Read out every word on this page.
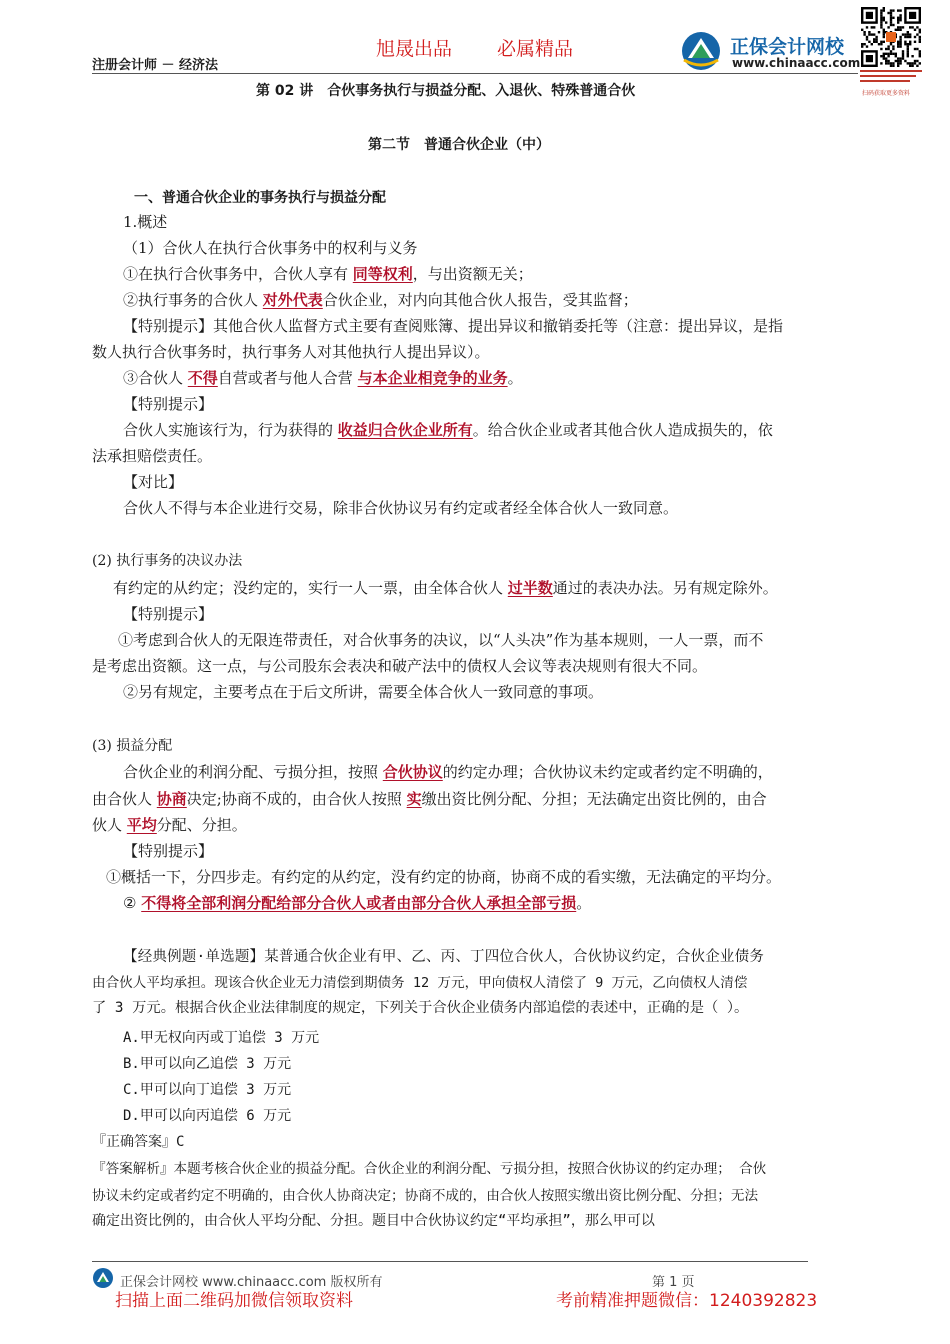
注册会计师 － 经济法
旭晟出品 必属精品	正保会计网校
www.chinaacc.com
扫码获取更多资料
第 02 讲　合伙事务执行与损益分配、入退伙、特殊普通合伙
第二节　普通合伙企业（中）
一、普通合伙企业的事务执行与损益分配
1.概述
（1）合伙人在执行合伙事务中的权利与义务
①在执行合伙事务中，合伙人享有 同等权利，与出资额无关；
②执行事务的合伙人 对外代表合伙企业，对内向其他合伙人报告，受其监督；
【特别提示】其他合伙人监督方式主要有查阅账簿、提出异议和撤销委托等（注意：提出异议，是指
数人执行合伙事务时，执行事务人对其他执行人提出异议）。
③合伙人 不得自营或者与他人合营 与本企业相竞争的业务。
【特别提示】
合伙人实施该行为，行为获得的 收益归合伙企业所有。给合伙企业或者其他合伙人造成损失的，依
法承担赔偿责任。
【对比】
合伙人不得与本企业进行交易，除非合伙协议另有约定或者经全体合伙人一致同意。
(2) 执行事务的决议办法
有约定的从约定；没约定的，实行一人一票，由全体合伙人 过半数通过的表决办法。另有规定除外。
【特别提示】
①考虑到合伙人的无限连带责任，对合伙事务的决议，以“人头决”作为基本规则，一人一票，而不
是考虑出资额。这一点，与公司股东会表决和破产法中的债权人会议等表决规则有很大不同。
②另有规定，主要考点在于后文所讲，需要全体合伙人一致同意的事项。
(3) 损益分配
合伙企业的利润分配、亏损分担，按照 合伙协议的约定办理；合伙协议未约定或者约定不明确的，
由合伙人 协商决定;协商不成的，由合伙人按照 实缴出资比例分配、分担；无法确定出资比例的，由合
伙人 平均分配、分担。
【特别提示】
①概括一下，分四步走。有约定的从约定，没有约定的协商，协商不成的看实缴，无法确定的平均分。
② 不得将全部利润分配给部分合伙人或者由部分合伙人承担全部亏损。
【经典例题·单选题】某普通合伙企业有甲、乙、丙、丁四位合伙人，合伙协议约定，合伙企业债务
由合伙人平均承担。现该合伙企业无力清偿到期债务 12 万元，甲向债权人清偿了 9 万元，乙向债权人清偿
了 3 万元。根据合伙企业法律制度的规定，下列关于合伙企业债务内部追偿的表述中，正确的是（ ）。
A.甲无权向丙或丁追偿 3 万元
B.甲可以向乙追偿 3 万元
C.甲可以向丁追偿 3 万元
D.甲可以向丙追偿 6 万元
『正确答案』C
『答案解析』本题考核合伙企业的损益分配。合伙企业的利润分配、亏损分担，按照合伙协议的约定办理； 合伙
协议未约定或者约定不明确的，由合伙人协商决定；协商不成的，由合伙人按照实缴出资比例分配、分担；无法
确定出资比例的，由合伙人平均分配、分担。题目中合伙协议约定“平均承担”，那么甲可以
正保会计网校 www.chinaacc.com 版权所有	第 1 页
扫描上面二维码加微信领取资料	考前精准押题微信：1240392823
